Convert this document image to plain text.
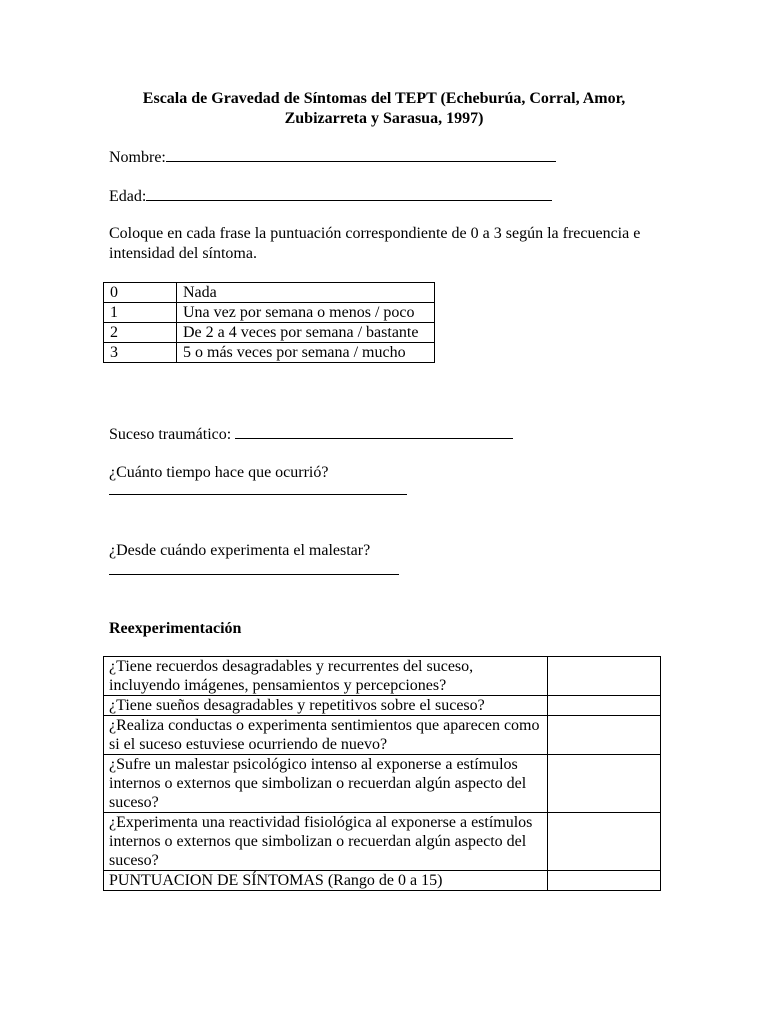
Escala de Gravedad de Síntomas del TEPT (Echeburúa, Corral, Amor, Zubizarreta y Sarasua, 1997)
Nombre:
Edad:
Coloque en cada frase la puntuación correspondiente de 0 a 3 según la frecuencia e intensidad del síntoma.
0	Nada
1	Una vez por semana o menos / poco
2	De 2 a 4 veces por semana / bastante
3	5 o más veces por semana / mucho
Suceso traumático:
¿Cuánto tiempo hace que ocurrió?
¿Desde cuándo experimenta el malestar?
Reexperimentación
¿Tiene recuerdos desagradables y recurrentes del suceso, incluyendo imágenes, pensamientos y percepciones?	
¿Tiene sueños desagradables y repetitivos sobre el suceso?	
¿Realiza conductas o experimenta sentimientos que aparecen como si el suceso estuviese ocurriendo de nuevo?	
¿Sufre un malestar psicológico intenso al exponerse a estímulos internos o externos que simbolizan o recuerdan algún aspecto del suceso?	
¿Experimenta una reactividad fisiológica al exponerse a estímulos internos o externos que simbolizan o recuerdan algún aspecto del suceso?	
PUNTUACION DE SÍNTOMAS (Rango de 0 a 15)	
